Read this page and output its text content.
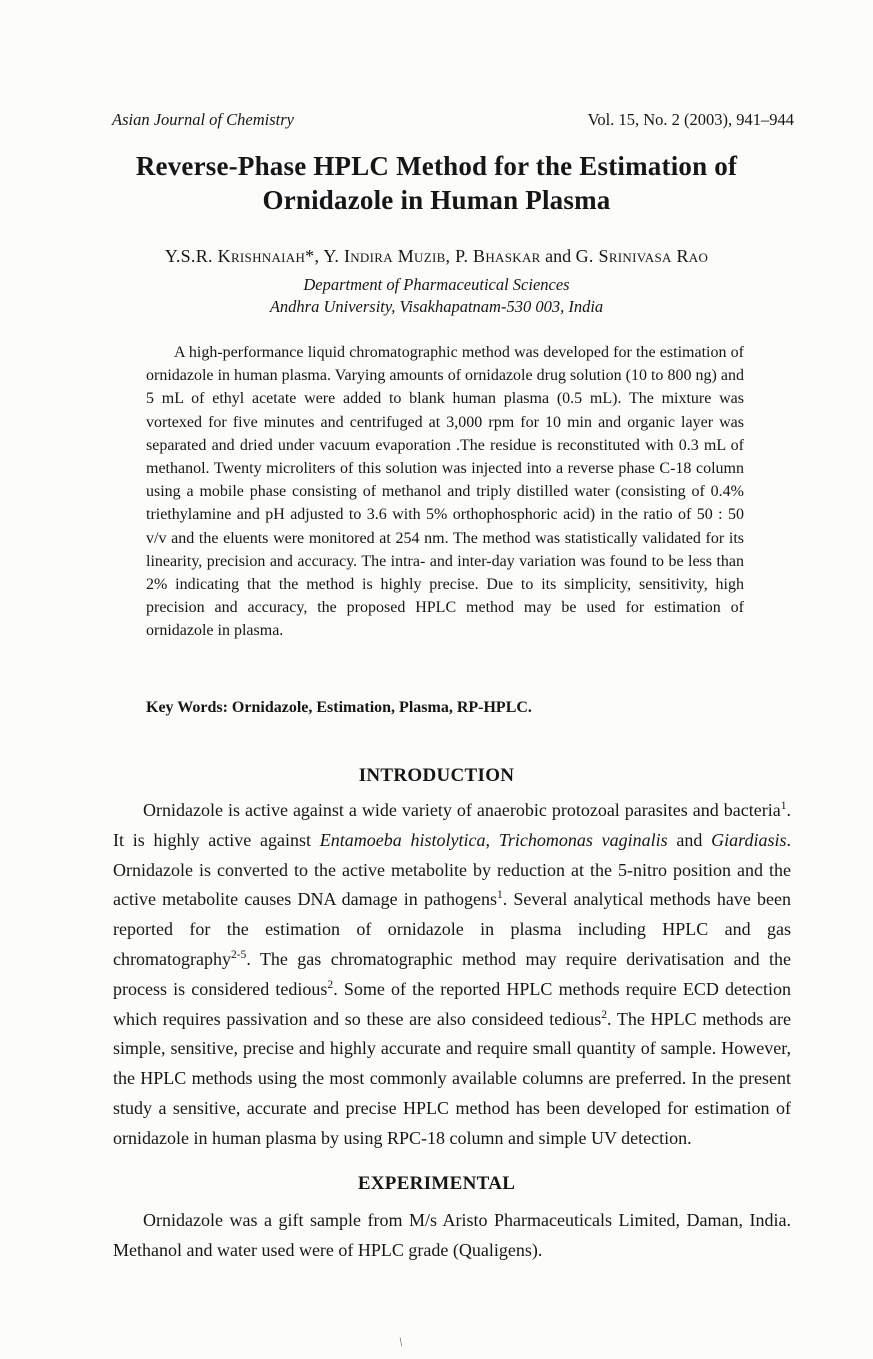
Asian Journal of Chemistry	Vol. 15, No. 2 (2003), 941–944
Reverse-Phase HPLC Method for the Estimation of
Ornidazole in Human Plasma
Y.S.R. Krishnaiah*, Y. Indira Muzib, P. Bhaskar and G. Srinivasa Rao
Department of Pharmaceutical Sciences
Andhra University, Visakhapatnam-530 003, India
A high-performance liquid chromatographic method was developed for the estimation of ornidazole in human plasma. Varying amounts of ornidazole drug solution (10 to 800 ng) and 5 mL of ethyl acetate were added to blank human plasma (0.5 mL). The mixture was vortexed for five minutes and centrifuged at 3,000 rpm for 10 min and organic layer was separated and dried under vacuum evaporation .The residue is reconstituted with 0.3 mL of methanol. Twenty microliters of this solution was injected into a reverse phase C-18 column using a mobile phase consisting of methanol and triply distilled water (consisting of 0.4% triethylamine and pH adjusted to 3.6 with 5% orthophosphoric acid) in the ratio of 50 : 50 v/v and the eluents were monitored at 254 nm. The method was statistically validated for its linearity, precision and accuracy. The intra- and inter-day variation was found to be less than 2% indicating that the method is highly precise. Due to its simplicity, sensitivity, high precision and accuracy, the proposed HPLC method may be used for estimation of ornidazole in plasma.
Key Words: Ornidazole, Estimation, Plasma, RP-HPLC.
INTRODUCTION

Ornidazole is active against a wide variety of anaerobic protozoal parasites and bacteria$^1$. It is highly active against Entamoeba histolytica, Trichomonas vaginalis and Giardiasis. Ornidazole is converted to the active metabolite by reduction at the 5-nitro position and the active metabolite causes DNA damage in pathogens$^1$. Several analytical methods have been reported for the estimation of ornidazole in plasma including HPLC and gas chromatography$^{2-5}$. The gas chromatographic method may require derivatisation and the process is considered tedious$^2$. Some of the reported HPLC methods require ECD detection which requires passivation and so these are also consideed tedious$^2$. The HPLC methods are simple, sensitive, precise and highly accurate and require small quantity of sample. However, the HPLC methods using the most commonly available columns are preferred. In the present study a sensitive, accurate and precise HPLC method has been developed for estimation of ornidazole in human plasma by using RPC-18 column and simple UV detection.

EXPERIMENTAL

Ornidazole was a gift sample from M/s Aristo Pharmaceuticals Limited, Daman, India. Methanol and water used were of HPLC grade (Qualigens).

\
